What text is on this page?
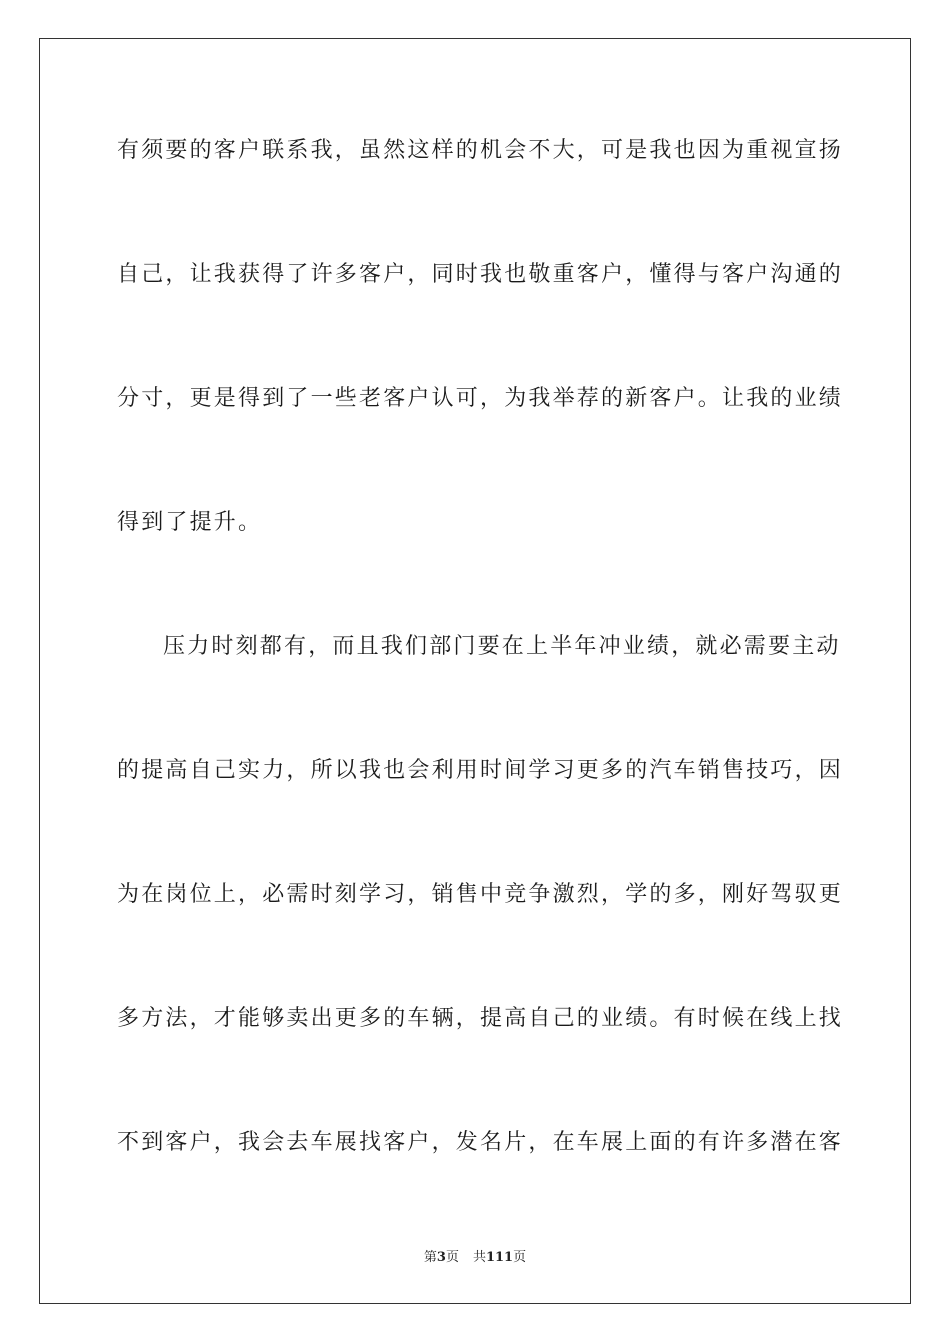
有须要的客户联系我，虽然这样的机会不大，可是我也因为重视宣扬
自己，让我获得了许多客户，同时我也敬重客户，懂得与客户沟通的
分寸，更是得到了一些老客户认可，为我举荐的新客户。让我的业绩
得到了提升。
压力时刻都有，而且我们部门要在上半年冲业绩，就必需要主动
的提高自己实力，所以我也会利用时间学习更多的汽车销售技巧，因
为在岗位上，必需时刻学习，销售中竞争激烈，学的多，刚好驾驭更
多方法，才能够卖出更多的车辆，提高自己的业绩。有时候在线上找
不到客户，我会去车展找客户，发名片，在车展上面的有许多潜在客
第3页 共111页
